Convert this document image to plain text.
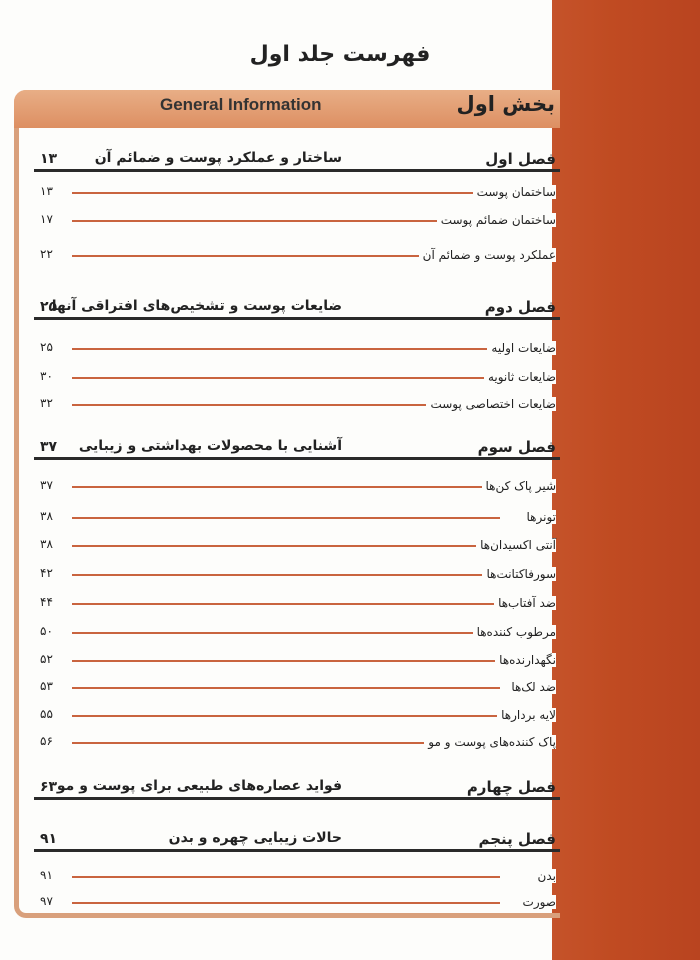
فهرست جلد اول
General Information	بخش اول
فصل اول
ساختار و عملکرد پوست و ضمائم آن
۱۳
ساختمان پوست
۱۳
ساختمان ضمائم پوست
۱۷
عملکرد پوست و ضمائم آن
۲۲
فصل دوم
ضایعات پوست و تشخیص‌های افتراقی آنها
۲۵
ضایعات اولیه
۲۵
ضایعات ثانویه
۳۰
ضایعات اختصاصی پوست
۳۲
فصل سوم
آشنایی با محصولات بهداشتی و زیبایی
۳۷
شیر پاک کن‌ها
۳۷
تونرها
۳۸
آنتی اکسیدان‌ها
۳۸
سورفاکتانت‌ها
۴۲
ضد آفتاب‌ها
۴۴
مرطوب کننده‌ها
۵۰
نگهدارنده‌ها
۵۲
ضد لک‌ها
۵۳
لایه بردارها
۵۵
پاک کننده‌های پوست و مو
۵۶
فصل چهارم
فواید عصاره‌های طبیعی برای پوست و مو
۶۳
فصل پنجم
حالات زیبایی چهره و بدن
۹۱
بدن
۹۱
صورت
۹۷
